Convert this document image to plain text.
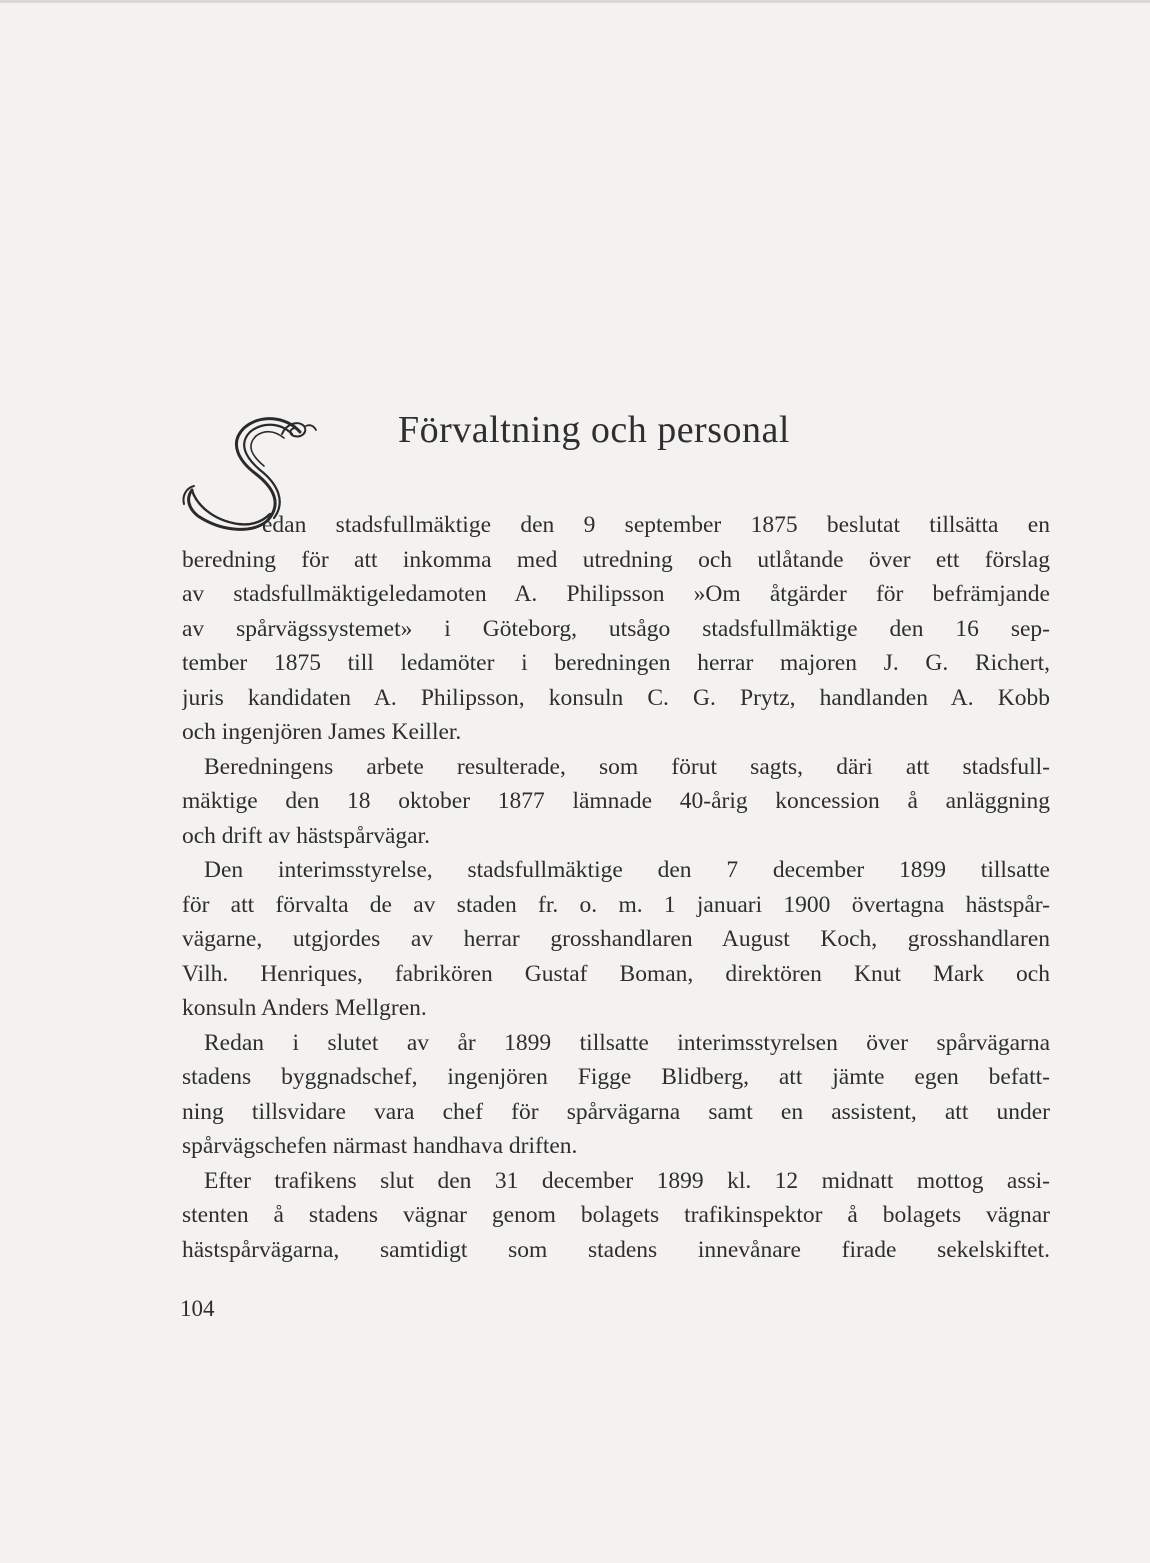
Förvaltning och personal
edan stadsfullmäktige den 9 september 1875 beslutat tillsätta en
beredning för att inkomma med utredning och utlåtande över ett förslag
av stadsfullmäktigeledamoten A. Philipsson »Om åtgärder för befrämjande
av spårvägssystemet» i Göteborg, utsågo stadsfullmäktige den 16 sep-
tember 1875 till ledamöter i beredningen herrar majoren J. G. Richert,
juris kandidaten A. Philipsson, konsuln C. G. Prytz, handlanden A. Kobb
och ingenjören James Keiller.
Beredningens arbete resulterade, som förut sagts, däri att stadsfull-
mäktige den 18 oktober 1877 lämnade 40-årig koncession å anläggning
och drift av hästspårvägar.
Den interimsstyrelse, stadsfullmäktige den 7 december 1899 tillsatte
för att förvalta de av staden fr. o. m. 1 januari 1900 övertagna hästspår-
vägarne, utgjordes av herrar grosshandlaren August Koch, grosshandlaren
Vilh. Henriques, fabrikören Gustaf Boman, direktören Knut Mark och
konsuln Anders Mellgren.
Redan i slutet av år 1899 tillsatte interimsstyrelsen över spårvägarna
stadens byggnadschef, ingenjören Figge Blidberg, att jämte egen befatt-
ning tillsvidare vara chef för spårvägarna samt en assistent, att under
spårvägschefen närmast handhava driften.
Efter trafikens slut den 31 december 1899 kl. 12 midnatt mottog assi-
stenten å stadens vägnar genom bolagets trafikinspektor å bolagets vägnar
hästspårvägarna, samtidigt som stadens innevånare firade sekelskiftet.
104
